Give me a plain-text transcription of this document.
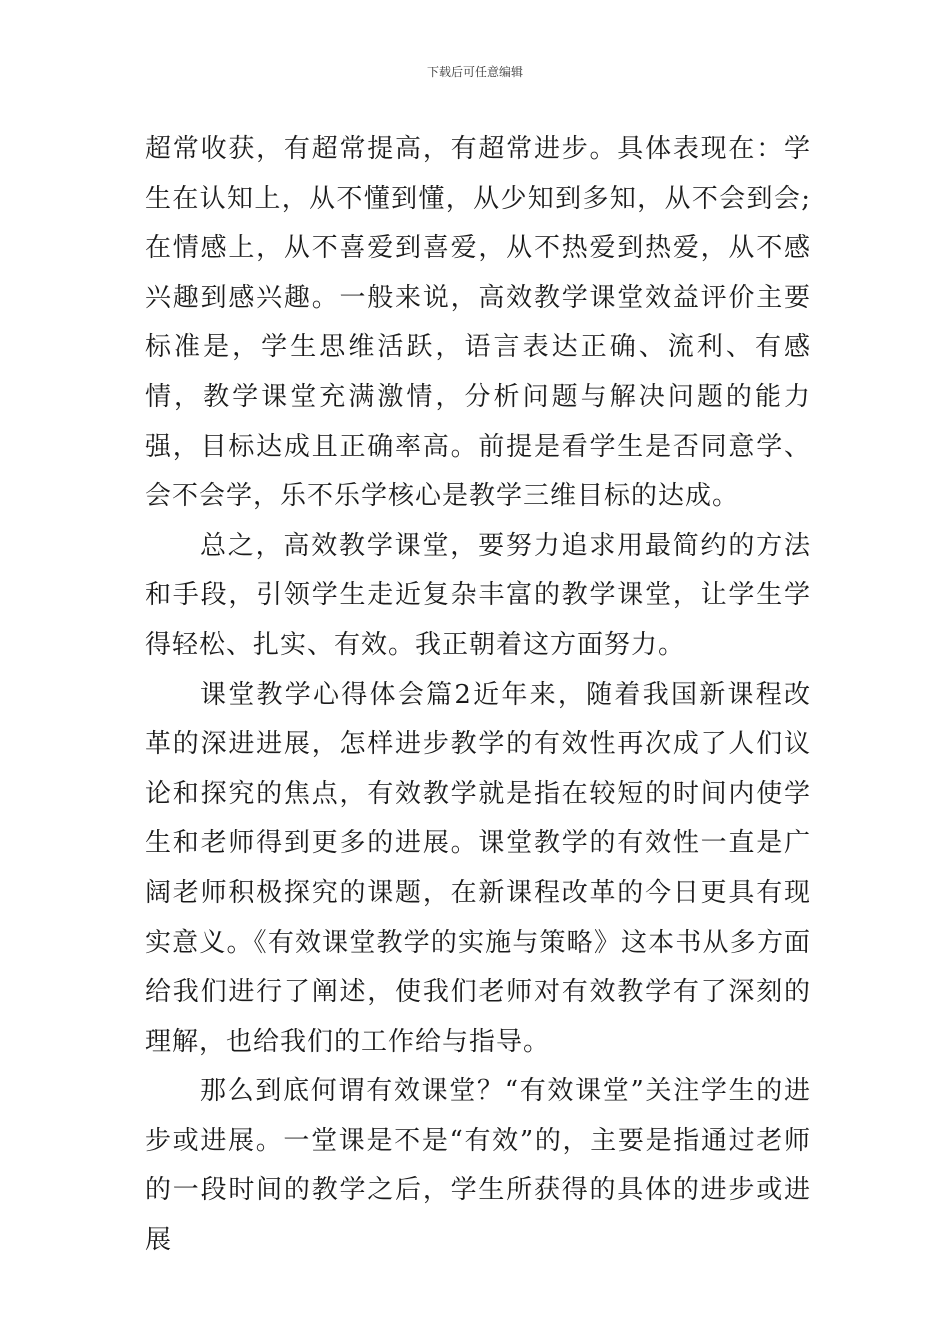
下载后可任意编辑

超常收获，有超常提高，有超常进步。具体表现在：学生在认知上，从不懂到懂，从少知到多知，从不会到会;在情感上，从不喜爱到喜爱，从不热爱到热爱，从不感兴趣到感兴趣。一般来说，高效教学课堂效益评价主要标准是，学生思维活跃，语言表达正确、流利、有感情，教学课堂充满激情，分析问题与解决问题的能力强，目标达成且正确率高。前提是看学生是否同意学、会不会学，乐不乐学核心是教学三维目标的达成。

总之，高效教学课堂，要努力追求用最简约的方法和手段，引领学生走近复杂丰富的教学课堂，让学生学得轻松、扎实、有效。我正朝着这方面努力。

课堂教学心得体会篇2近年来，随着我国新课程改革的深进进展，怎样进步教学的有效性再次成了人们议论和探究的焦点，有效教学就是指在较短的时间内使学生和老师得到更多的进展。课堂教学的有效性一直是广阔老师积极探究的课题，在新课程改革的今日更具有现实意义。《有效课堂教学的实施与策略》这本书从多方面给我们进行了阐述，使我们老师对有效教学有了深刻的理解，也给我们的工作给与指导。

那么到底何谓有效课堂？“有效课堂”关注学生的进步或进展。一堂课是不是“有效”的，主要是指通过老师的一段时间的教学之后，学生所获得的具体的进步或进展
